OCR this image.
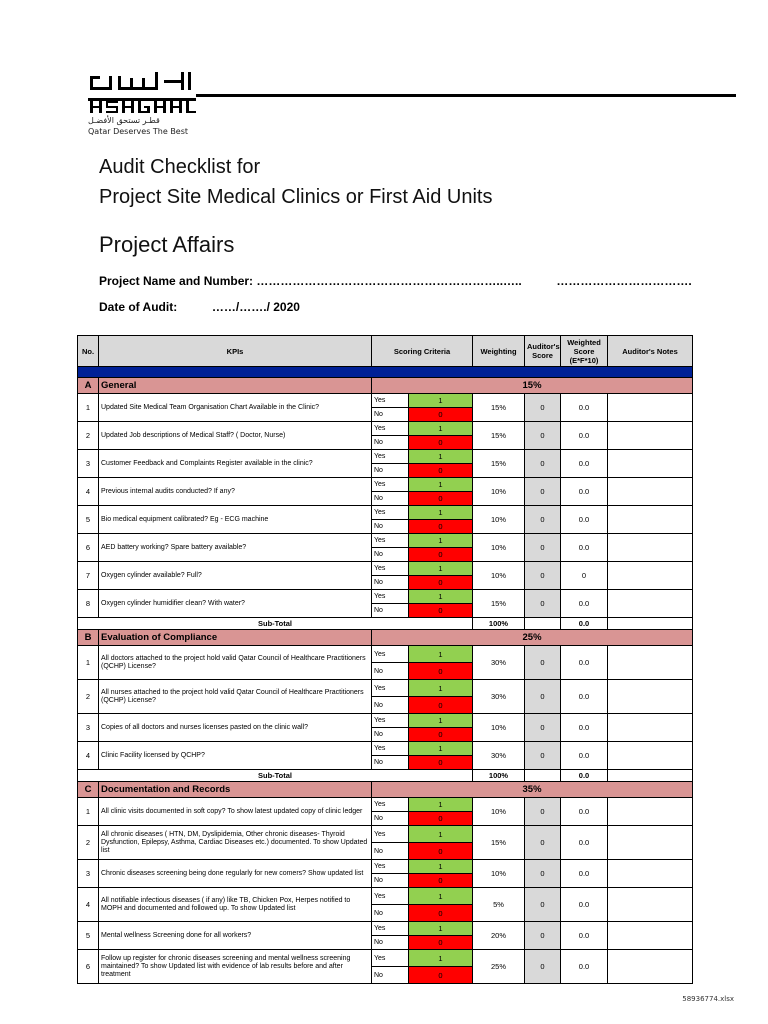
قطـر تستحق الأفضـل
Qatar Deserves The Best
Audit Checklist for
Project Site Medical Clinics or First Aid Units
Project Affairs
Project Name and Number: ……………………………………………………..…..	…………………………….
Date of Audit:	……/……./ 2020
No.	KPIs	Scoring Criteria		Weighting	Auditor's Score	Weighted Score (E*F*10)	Auditor's Notes

A	General	15%					
1	Updated Site Medical Team Organisation Chart Available in the Clinic?	Yes	1	15%	0	0.0	
		No	0				
2	Updated Job descriptions of Medical Staff? ( Doctor, Nurse)	Yes	1	15%	0	0.0	
		No	0				
3	Customer Feedback and Complaints Register available in the clinic?	Yes	1	15%	0	0.0	
		No	0				
4	Previous internal audits conducted? If any?	Yes	1	10%	0	0.0	
		No	0				
5	Bio medical equipment calibrated? Eg - ECG machine	Yes	1	10%	0	0.0	
		No	0				
6	AED battery working? Spare battery available?	Yes	1	10%	0	0.0	
		No	0				
7	Oxygen cylinder available? Full?	Yes	1	10%	0	0	
		No	0				
8	Oxygen cylinder humidifier clean? With water?	Yes	1	15%	0	0.0	
		No	0				
Sub-Total				100%		0.0	
B	Evaluation of Compliance	25%					
1	All doctors attached to the project hold valid Qatar Council of Healthcare Practitioners (QCHP) License?	Yes	1	30%	0	0.0	
		No	0				
2	All nurses attached to the project hold valid Qatar Council of Healthcare Practitioners (QCHP) License?	Yes	1	30%	0	0.0	
		No	0				
3	Copies of all doctors and nurses licenses pasted on the clinic wall?	Yes	1	10%	0	0.0	
		No	0				
4	Clinic Facility licensed by QCHP?	Yes	1	30%	0	0.0	
		No	0				
Sub-Total				100%		0.0	
C	Documentation and Records	35%					
1	All clinic visits documented in soft copy? To show latest updated copy of clinic ledger	Yes	1	10%	0	0.0	
		No	0				
2	All chronic diseases ( HTN, DM, Dyslipidemia, Other chronic diseases- Thyroid Dysfunction, Epilepsy, Asthma, Cardiac Diseases etc.) documented. To show Updated list	Yes	1	15%	0	0.0	
		No	0				
3	Chronic diseases screening being done regularly for new comers? Show updated list	Yes	1	10%	0	0.0	
		No	0				
4	All notifiable infectious diseases ( if any) like TB, Chicken Pox, Herpes notified to MOPH and documented and followed up. To show Updated list	Yes	1	5%	0	0.0	
		No	0				
5	Mental wellness Screening done for all workers?	Yes	1	20%	0	0.0	
		No	0				
6	Follow up register for chronic diseases screening and mental wellness screening maintained? To show Updated list with evidence of lab results before and after treatment	Yes	1	25%	0	0.0	
		No	0				
58936774.xlsx
